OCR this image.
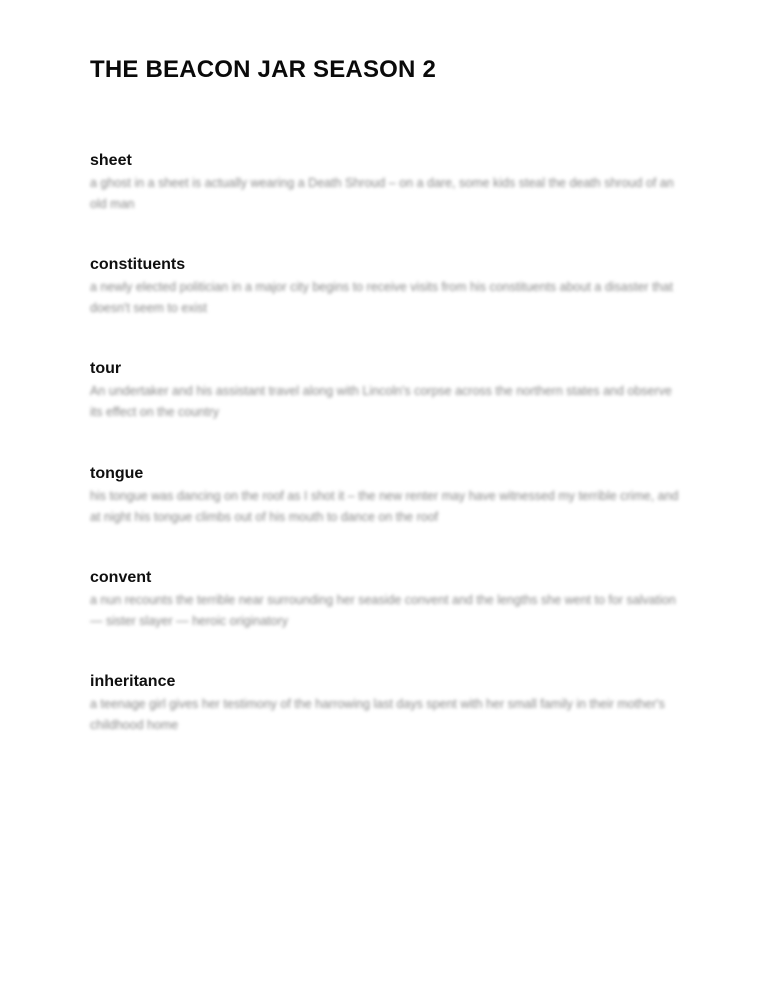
THE BEACON JAR SEASON 2

sheet

a ghost in a sheet is actually wearing a Death Shroud – on a dare, some kids steal the death shroud of an old man

constituents

a newly elected politician in a major city begins to receive visits from his constituents about a disaster that doesn't seem to exist

tour

An undertaker and his assistant travel along with Lincoln's corpse across the northern states and observe its effect on the country

tongue

his tongue was dancing on the roof as I shot it – the new renter may have witnessed my terrible crime, and at night his tongue climbs out of his mouth to dance on the roof

convent

a nun recounts the terrible near surrounding her seaside convent and the lengths she went to for salvation — sister slayer — heroic originatory

inheritance

a teenage girl gives her testimony of the harrowing last days spent with her small family in their mother's childhood home
